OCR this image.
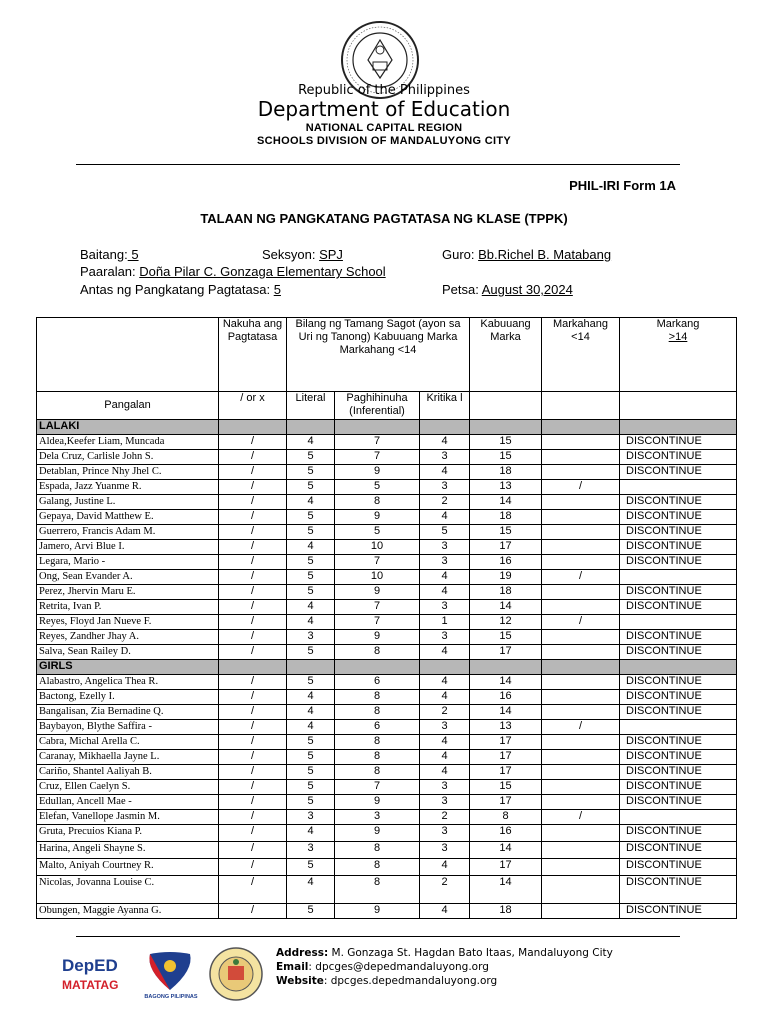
Republic of the Philippines
Department of Education
NATIONAL CAPITAL REGION
SCHOOLS DIVISION OF MANDALUYONG CITY
PHIL-IRI Form 1A
TALAAN NG PANGKATANG PAGTATASA NG KLASE (TPPK)
Baitang: 5	Seksyon: SPJ	Guro: Bb.Richel B. Matabang
Paaralan: Doña Pilar C. Gonzaga Elementary School
Antas ng Pangkatang Pagtatasa: 5	Petsa: August 30,2024
	Nakuha ang Pagtatasa	Bilang ng Tamang Sagot (ayon sa Uri ng Tanong) Kabuuang Marka Markahang <14			Kabuuang Marka	Markahang <14	Markang
>14
Pangalan	/ or x	Literal	Paghihinuha (Inferential)	Kritika l			
LALAKI							
Aldea,Keefer Liam, Muncada	/	4	7	4	15		DISCONTINUE
Dela Cruz, Carlisle John S.	/	5	7	3	15		DISCONTINUE
Detablan, Prince Nhy Jhel C.	/	5	9	4	18		DISCONTINUE
Espada, Jazz Yuanme R.	/	5	5	3	13	/	
Galang, Justine L.	/	4	8	2	14		DISCONTINUE
Gepaya, David Matthew E.	/	5	9	4	18		DISCONTINUE
Guerrero, Francis Adam M.	/	5	5	5	15		DISCONTINUE
Jamero, Arvi Blue I.	/	4	10	3	17		DISCONTINUE
Legara, Mario -	/	5	7	3	16		DISCONTINUE
Ong, Sean Evander A.	/	5	10	4	19	/	
Perez, Jhervin Maru E.	/	5	9	4	18		DISCONTINUE
Retrita, Ivan P.	/	4	7	3	14		DISCONTINUE
Reyes, Floyd Jan Nueve F.	/	4	7	1	12	/	
Reyes, Zandher Jhay A.	/	3	9	3	15		DISCONTINUE
Salva, Sean Railey D.	/	5	8	4	17		DISCONTINUE
GIRLS							
Alabastro, Angelica Thea R.	/	5	6	4	14		DISCONTINUE
Bactong, Ezelly I.	/	4	8	4	16		DISCONTINUE
Bangalisan, Zia Bernadine Q.	/	4	8	2	14		DISCONTINUE
Baybayon, Blythe Saffira -	/	4	6	3	13	/	
Cabra, Michal Arella C.	/	5	8	4	17		DISCONTINUE
Caranay, Mikhaella Jayne L.	/	5	8	4	17		DISCONTINUE
Cariño, Shantel Aaliyah B.	/	5	8	4	17		DISCONTINUE
Cruz, Ellen Caelyn S.	/	5	7	3	15		DISCONTINUE
Edullan, Ancell Mae -	/	5	9	3	17		DISCONTINUE
Elefan, Vanellope Jasmin M.	/	3	3	2	8	/	
Gruta, Precuios Kiana P.	/	4	9	3	16		DISCONTINUE
Harina, Angeli Shayne S.	/	3	8	3	14		DISCONTINUE
Malto, Aniyah Courtney R.	/	5	8	4	17		DISCONTINUE
Nicolas, Jovanna Louise C.	/	4	8	2	14		DISCONTINUE
Obungen, Maggie Ayanna G.	/	5	9	4	18		DISCONTINUE
DepED
MATATAG
BAGONG PILIPINAS
Address: M. Gonzaga St. Hagdan Bato Itaas, Mandaluyong City
Email: dpcges@depedmandaluyong.org
Website: dpcges.depedmandaluyong.org
